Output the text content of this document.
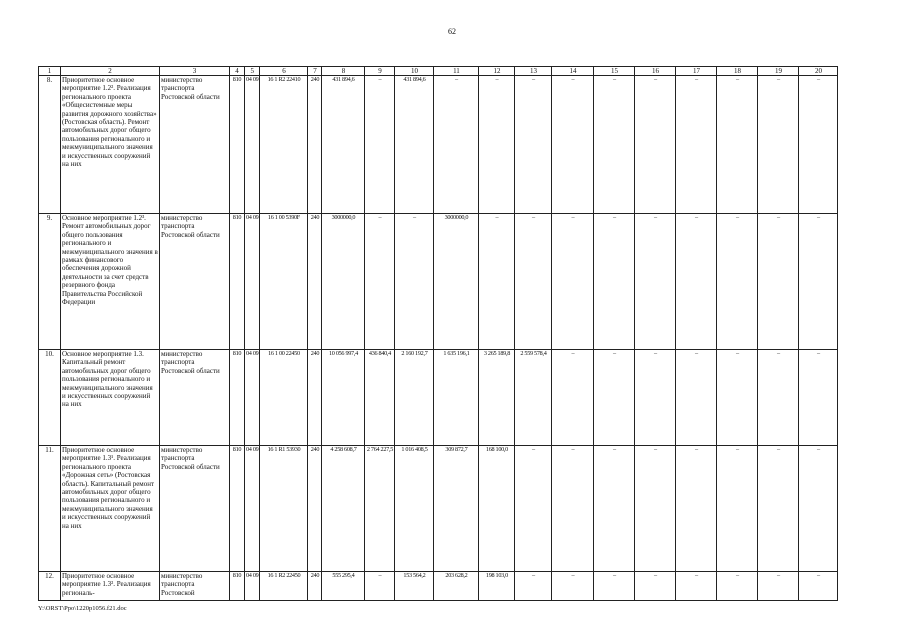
62
1	2	3	4	5	6	7	8	9	10	11	12	13	14	15	16	17	18	19	20
8.	Приоритетное основное мероприятие 1.2². Реализация регионального проекта «Общесистемные меры развития дорожного хозяйства» (Ростовская область). Ремонт автомобильных дорог общего пользования регионального и межмуниципального значения и искусственных сооружений на них	министерство транспорта Ростовской области	810	04 09	16 1 R2 22410	240	431 894,6	–	431 894,6	–	–	–	–	–	–	–	–	–	–
9.	Основное мероприятие 1.2³. Ремонт автомобильных дорог общего пользования регионального и межмуниципального значения в рамках финансового обеспечения дорожной деятельности за счет средств резервного фонда Правительства Российской Федерации	министерство транспорта Ростовской области	810	04 09	16 1 00 5390F	240	3000000,0	–	–	3000000,0	–	–	–	–	–	–	–	–	–
10.	Основное мероприятие 1.3. Капитальный ремонт автомобильных дорог общего пользования регионального и межмуниципального значения и искусственных сооружений на них	министерство транспорта Ростовской области	810	04 09	16 1 00 22450	240	10 056 997,4	436 840,4	2 160 192,7	1 635 196,1	3 265 189,8	2 559 578,4	–	–	–	–	–	–	–
11.	Приоритетное основное мероприятие 1.3¹. Реализация регионального проекта «Дорожная сеть» (Ростовская область). Капитальный ремонт автомобильных дорог общего пользования регионального и межмуниципального значения и искусственных сооружений на них	министерство транспорта Ростовской области	810	04 09	16 1 R1 53930	240	4 258 608,7	2 764 227,5	1 016 408,5	309 872,7	168 100,0	–	–	–	–	–	–	–	–
12.	Приоритетное основное мероприятие 1.3². Реализация региональ-	министерство транспорта Ростовской	810	04 09	16 1 R2 22450	240	555 295,4	–	153 564,2	203 628,2	198 103,0	–	–	–	–	–	–	–	–
Y:\ORST\Ppo\1220p1056.f21.doc
